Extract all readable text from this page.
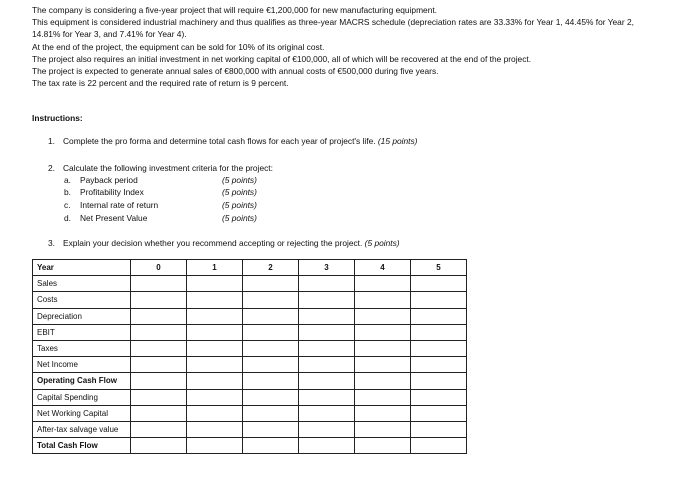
The company is considering a five-year project that will require €1,200,000 for new manufacturing equipment.

This equipment is considered industrial machinery and thus qualifies as three-year MACRS schedule (depreciation rates are 33.33% for Year 1, 44.45% for Year 2,

14.81% for Year 3, and 7.41% for Year 4).

At the end of the project, the equipment can be sold for 10% of its original cost.

The project also requires an initial investment in net working capital of €100,000, all of which will be recovered at the end of the project.

The project is expected to generate annual sales of €800,000 with annual costs of €500,000 during five years.

The tax rate is 22 percent and the required rate of return is 9 percent.

Instructions:
1. Complete the pro forma and determine total cash flows for each year of project's life. (15 points)
2. Calculate the following investment criteria for the project:
a. Payback period	(5 points)
b. Profitability Index	(5 points)
c. Internal rate of return	(5 points)
d. Net Present Value	(5 points)
3. Explain your decision whether you recommend accepting or rejecting the project. (5 points)
Year	0	1	2	3	4	5
Sales						
Costs						
Depreciation						
EBIT						
Taxes						
Net Income						
Operating Cash Flow						
Capital Spending						
Net Working Capital						
After-tax salvage value						
Total Cash Flow						
